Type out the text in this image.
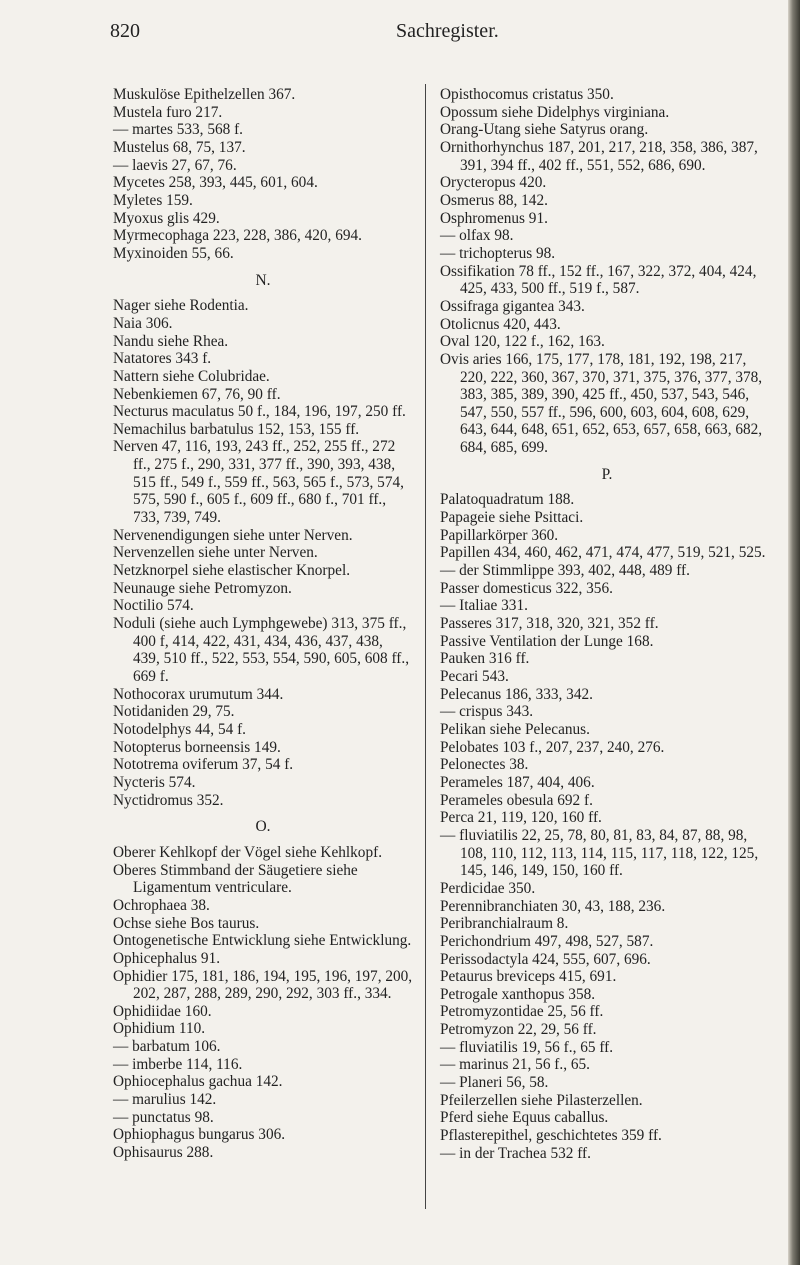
820	Sachregister.
Muskulöse Epithelzellen 367.
Mustela furo 217.
— martes 533, 568 f.
Mustelus 68, 75, 137.
— laevis 27, 67, 76.
Mycetes 258, 393, 445, 601, 604.
Myletes 159.
Myoxus glis 429.
Myrmecophaga 223, 228, 386, 420, 694.
Myxinoiden 55, 66.
N.
Nager siehe Rodentia.
Naia 306.
Nandu siehe Rhea.
Natatores 343 f.
Nattern siehe Colubridae.
Nebenkiemen 67, 76, 90 ff.
Necturus maculatus 50 f., 184, 196, 197, 250 ff.
Nemachilus barbatulus 152, 153, 155 ff.
Nerven 47, 116, 193, 243 ff., 252, 255 ff., 272 ff., 275 f., 290, 331, 377 ff., 390, 393, 438, 515 ff., 549 f., 559 ff., 563, 565 f., 573, 574, 575, 590 f., 605 f., 609 ff., 680 f., 701 ff., 733, 739, 749.
Nervenendigungen siehe unter Nerven.
Nervenzellen siehe unter Nerven.
Netzknorpel siehe elastischer Knorpel.
Neunauge siehe Petromyzon.
Noctilio 574.
Noduli (siehe auch Lymphgewebe) 313, 375 ff., 400 f, 414, 422, 431, 434, 436, 437, 438, 439, 510 ff., 522, 553, 554, 590, 605, 608 ff., 669 f.
Nothocorax urumutum 344.
Notidaniden 29, 75.
Notodelphys 44, 54 f.
Notopterus borneensis 149.
Nototrema oviferum 37, 54 f.
Nycteris 574.
Nyctidromus 352.
O.
Oberer Kehlkopf der Vögel siehe Kehlkopf.
Oberes Stimmband der Säugetiere siehe Ligamentum ventriculare.
Ochrophaea 38.
Ochse siehe Bos taurus.
Ontogenetische Entwicklung siehe Entwicklung.
Ophicephalus 91.
Ophidier 175, 181, 186, 194, 195, 196, 197, 200, 202, 287, 288, 289, 290, 292, 303 ff., 334.
Ophidiidae 160.
Ophidium 110.
— barbatum 106.
— imberbe 114, 116.
Ophiocephalus gachua 142.
— marulius 142.
— punctatus 98.
Ophiophagus bungarus 306.
Ophisaurus 288.
Opisthocomus cristatus 350.
Opossum siehe Didelphys virginiana.
Orang-Utang siehe Satyrus orang.
Ornithorhynchus 187, 201, 217, 218, 358, 386, 387, 391, 394 ff., 402 ff., 551, 552, 686, 690.
Orycteropus 420.
Osmerus 88, 142.
Osphromenus 91.
— olfax 98.
— trichopterus 98.
Ossifikation 78 ff., 152 ff., 167, 322, 372, 404, 424, 425, 433, 500 ff., 519 f., 587.
Ossifraga gigantea 343.
Otolicnus 420, 443.
Oval 120, 122 f., 162, 163.
Ovis aries 166, 175, 177, 178, 181, 192, 198, 217, 220, 222, 360, 367, 370, 371, 375, 376, 377, 378, 383, 385, 389, 390, 425 ff., 450, 537, 543, 546, 547, 550, 557 ff., 596, 600, 603, 604, 608, 629, 643, 644, 648, 651, 652, 653, 657, 658, 663, 682, 684, 685, 699.
P.
Palatoquadratum 188.
Papageie siehe Psittaci.
Papillarkörper 360.
Papillen 434, 460, 462, 471, 474, 477, 519, 521, 525.
— der Stimmlippe 393, 402, 448, 489 ff.
Passer domesticus 322, 356.
— Italiae 331.
Passeres 317, 318, 320, 321, 352 ff.
Passive Ventilation der Lunge 168.
Pauken 316 ff.
Pecari 543.
Pelecanus 186, 333, 342.
— crispus 343.
Pelikan siehe Pelecanus.
Pelobates 103 f., 207, 237, 240, 276.
Pelonectes 38.
Perameles 187, 404, 406.
Perameles obesula 692 f.
Perca 21, 119, 120, 160 ff.
— fluviatilis 22, 25, 78, 80, 81, 83, 84, 87, 88, 98, 108, 110, 112, 113, 114, 115, 117, 118, 122, 125, 145, 146, 149, 150, 160 ff.
Perdicidae 350.
Perennibranchiaten 30, 43, 188, 236.
Peribranchialraum 8.
Perichondrium 497, 498, 527, 587.
Perissodactyla 424, 555, 607, 696.
Petaurus breviceps 415, 691.
Petrogale xanthopus 358.
Petromyzontidae 25, 56 ff.
Petromyzon 22, 29, 56 ff.
— fluviatilis 19, 56 f., 65 ff.
— marinus 21, 56 f., 65.
— Planeri 56, 58.
Pfeilerzellen siehe Pilasterzellen.
Pferd siehe Equus caballus.
Pflasterepithel, geschichtetes 359 ff.
— in der Trachea 532 ff.
